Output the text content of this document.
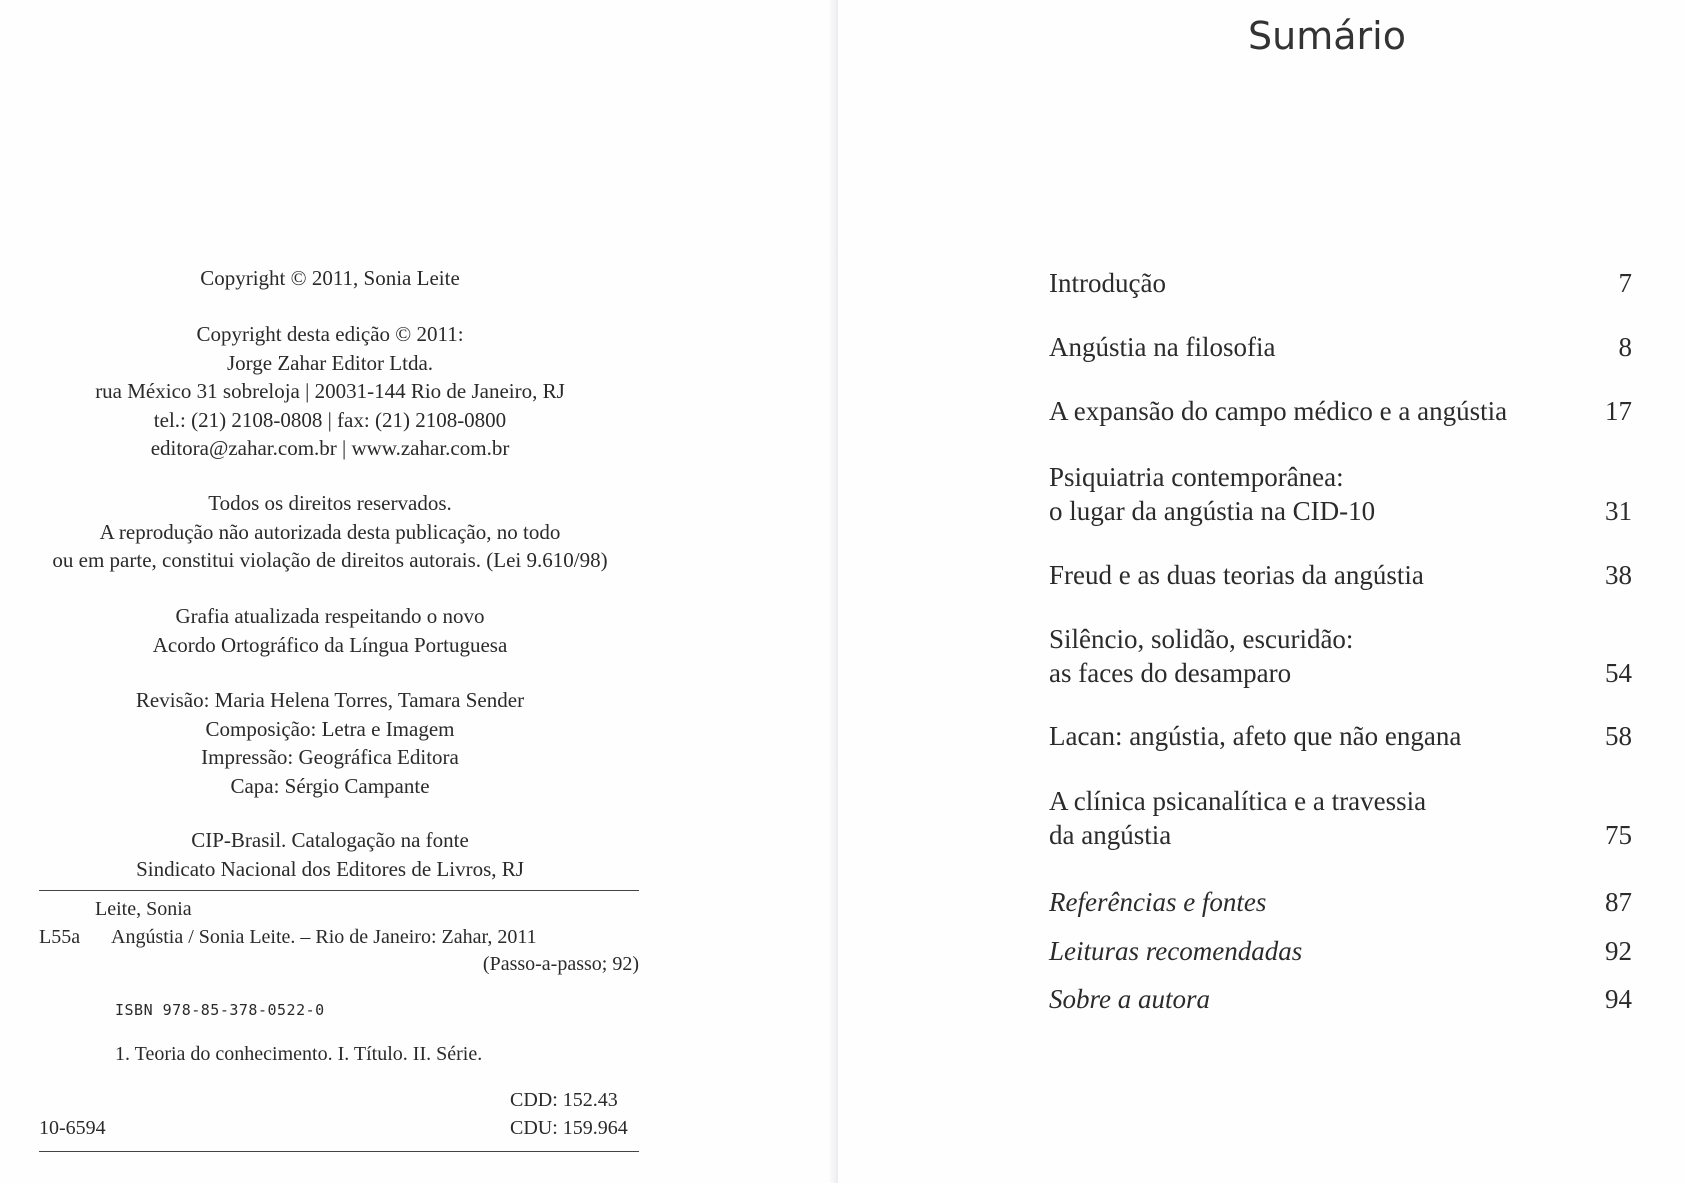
Copyright © 2011, Sonia Leite
Copyright desta edição © 2011:
Jorge Zahar Editor Ltda.
rua México 31 sobreloja | 20031-144 Rio de Janeiro, RJ
tel.: (21) 2108-0808 | fax: (21) 2108-0800
editora@zahar.com.br | www.zahar.com.br
Todos os direitos reservados.
A reprodução não autorizada desta publicação, no todo
ou em parte, constitui violação de direitos autorais. (Lei 9.610/98)
Grafia atualizada respeitando o novo
Acordo Ortográfico da Língua Portuguesa
Revisão: Maria Helena Torres, Tamara Sender
Composição: Letra e Imagem
Impressão: Geográfica Editora
Capa: Sérgio Campante
CIP-Brasil. Catalogação na fonte
Sindicato Nacional dos Editores de Livros, RJ
Leite, Sonia
L55a Angústia / Sonia Leite. – Rio de Janeiro: Zahar, 2011
(Passo-a-passo; 92)
ISBN 978-85-378-0522-0
1. Teoria do conhecimento. I. Título. II. Série.
CDD: 152.43
10-6594	CDU: 159.964
Sumário
Introdução	7
Angústia na filosofia	8
A expansão do campo médico e a angústia	17
Psiquiatria contemporânea:
o lugar da angústia na CID-10	31
Freud e as duas teorias da angústia	38
Silêncio, solidão, escuridão:
as faces do desamparo	54
Lacan: angústia, afeto que não engana	58
A clínica psicanalítica e a travessia
da angústia	75
Referências e fontes	87
Leituras recomendadas	92
Sobre a autora	94
